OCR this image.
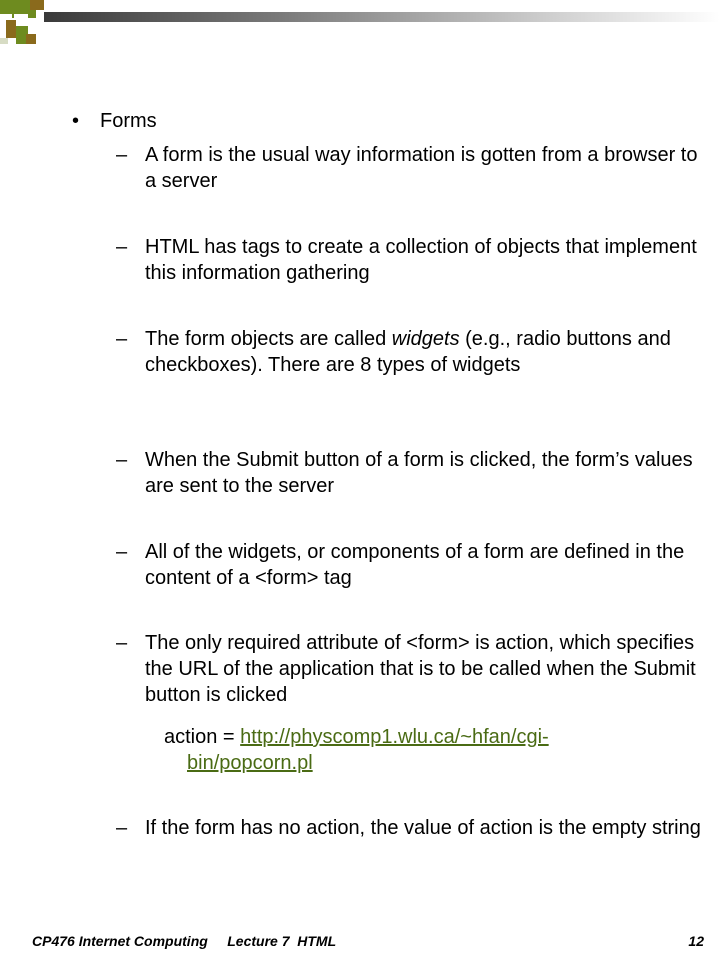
• Forms
– A form is the usual way information is gotten from a browser to a server
– HTML has tags to create a collection of objects that implement this information gathering
– The form objects are called widgets (e.g., radio buttons and checkboxes). There are 8 types of widgets
– When the Submit button of a form is clicked, the form’s values are sent to the server
– All of the widgets, or components of a form are defined in the content of a <form> tag
– The only required attribute of <form> is action, which specifies the URL of the application that is to be called when the Submit button is clicked
action = http://physcomp1.wlu.ca/~hfan/cgi-
bin/popcorn.pl
– If the form has no action, the value of action is the empty string
CP476 Internet Computing     Lecture 7  HTML	12
